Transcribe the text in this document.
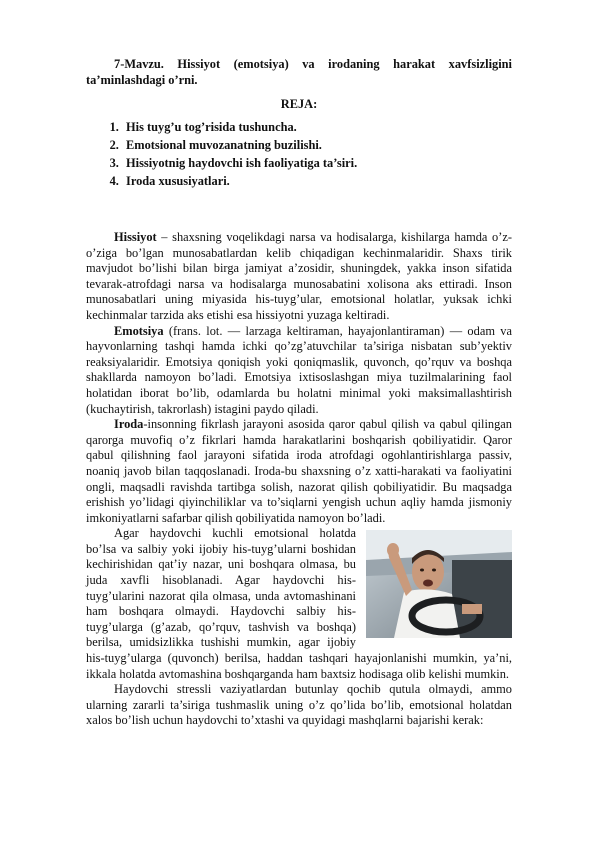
7-Mavzu. Hissiyot (emotsiya) va irodaning harakat xavfsizligini ta’minlashdagi o’rni.

REJA:
1. His tuyg’u tog’risida tushuncha.
2. Emotsional muvozanatning buzilishi.
3. Hissiyotnig haydovchi ish faoliyatiga ta’siri.
4. Iroda xususiyatlari.

Hissiyot – shaxsning voqelikdagi narsa va hodisalarga, kishilarga hamda o’z-o’ziga bo’lgan munosabatlardan kelib chiqadigan kechinmalaridir. Shaxs tirik mavjudot bo’lishi bilan birga jamiyat a’zosidir, shuningdek, yakka inson sifatida tevarak-atrofdagi narsa va hodisalarga munosabatini xolisona aks ettiradi. Inson munosabatlari uning miyasida his-tuyg’ular, emotsional holatlar, yuksak ichki kechinmalar tarzida aks etishi esa hissiyotni yuzaga keltiradi.

Emotsiya (frans. lot. — larzaga keltiraman, hayajonlantiraman) — odam va hayvonlarning tashqi hamda ichki qo’zg’atuvchilar ta’siriga nisbatan sub’yektiv reaksiyalaridir. Emotsiya qoniqish yoki qoniqmaslik, quvonch, qo’rquv va boshqa shakllarda namoyon bo’ladi. Emotsiya ixtisoslashgan miya tuzilmalarining faol holatidan iborat bo’lib, odamlarda bu holatni minimal yoki maksimallashtirish (kuchaytirish, takrorlash) istagini paydo qiladi.

Iroda-insonning fikrlash jarayoni asosida qaror qabul qilish va qabul qilingan qarorga muvofiq o’z fikrlari hamda harakatlarini boshqarish qobiliyatidir. Qaror qabul qilishning faol jarayoni sifatida iroda atrofdagi ogohlantirishlarga passiv, noaniq javob bilan taqqoslanadi. Iroda-bu shaxsning o’z xatti-harakati va faoliyatini ongli, maqsadli ravishda tartibga solish, nazorat qilish qobiliyatidir. Bu maqsadga erishish yo’lidagi qiyinchiliklar va to’siqlarni yengish uchun aqliy hamda jismoniy imkoniyatlarni safarbar qilish qobiliyatida namoyon bo’ladi.

Agar haydovchi kuchli emotsional holatda bo’lsa va salbiy yoki ijobiy his-tuyg’ularni boshidan kechirishidan qat’iy nazar, uni boshqara olmasa, bu juda xavfli hisoblanadi. Agar haydovchi his-tuyg’ularini nazorat qila olmasa, unda avtomashinani ham boshqara olmaydi. Haydovchi salbiy his-tuyg’ularga (g’azab, qo’rquv, tashvish va boshqa) berilsa, umidsizlikka tushishi mumkin, agar ijobiy his-tuyg’ularga (quvonch) berilsa, haddan tashqari hayajonlanishi mumkin, ya’ni, ikkala holatda avtomashina boshqarganda ham baxtsiz hodisaga olib kelishi mumkin.

Haydovchi stressli vaziyatlardan butunlay qochib qutula olmaydi, ammo ularning zararli ta’siriga tushmaslik uning o’z qo’lida bo’lib, emotsional holatdan xalos bo’lish uchun haydovchi to’xtashi va quyidagi mashqlarni bajarishi kerak:
